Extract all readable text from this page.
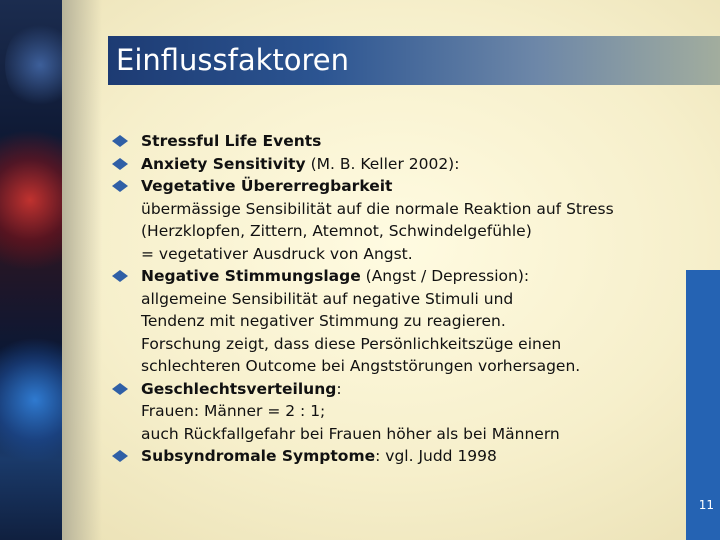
Einflussfaktoren
Stressful Life Events
Anxiety Sensitivity (M. B. Keller 2002):
Vegetative Übererregbarkeit
übermässige Sensibilität auf die normale Reaktion auf Stress
(Herzklopfen, Zittern, Atemnot, Schwindelgefühle)
= vegetativer Ausdruck von Angst.
Negative Stimmungslage (Angst / Depression):
allgemeine Sensibilität auf negative Stimuli und
Tendenz mit negativer Stimmung zu reagieren.
Forschung zeigt, dass diese Persönlichkeitszüge einen
schlechteren Outcome bei Angststörungen vorhersagen.
Geschlechtsverteilung:
Frauen: Männer = 2 : 1;
auch Rückfallgefahr bei Frauen höher als bei Männern
Subsyndromale Symptome: vgl. Judd 1998
11
